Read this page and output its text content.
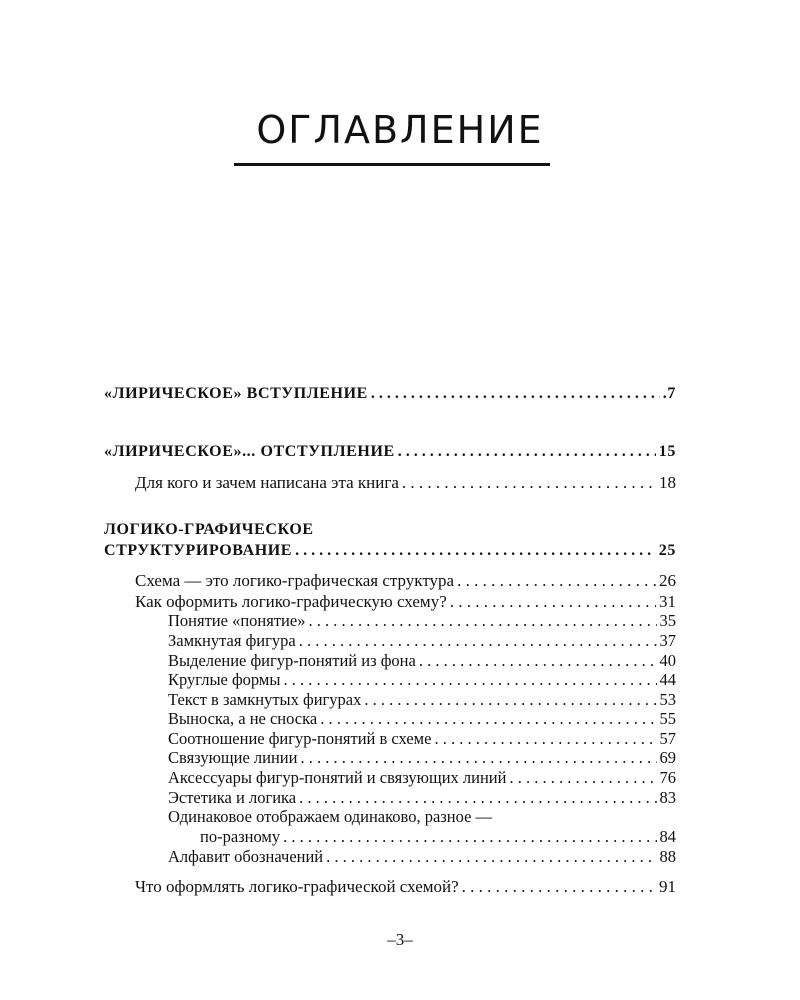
ОГЛАВЛЕНИЕ
«ЛИРИЧЕСКОЕ» ВСТУПЛЕНИЕ . . .	.7
«ЛИРИЧЕСКОЕ»... ОТСТУПЛЕНИЕ . . .	15
Для кого и зачем написана эта книга . . .	18
ЛОГИКО-ГРАФИЧЕСКОЕ
СТРУКТУРИРОВАНИЕ . . .	25
Схема — это логико-графическая структура . . .	26
Как оформить логико-графическую схему? . . .	31
Понятие «понятие» . . .	35
Замкнутая фигура . . .	37
Выделение фигур-понятий из фона . . .	40
Круглые формы . . .	44
Текст в замкнутых фигурах . . .	53
Выноска, а не сноска . . .	55
Соотношение фигур-понятий в схеме . . .	57
Связующие линии . . .	69
Аксессуары фигур-понятий и связующих линий . . .	76
Эстетика и логика . . .	83
Одинаковое отображаем одинаково, разное —
по-разному . . .	84
Алфавит обозначений . . .	88
Что оформлять логико-графической схемой? . . .	91
–3–
